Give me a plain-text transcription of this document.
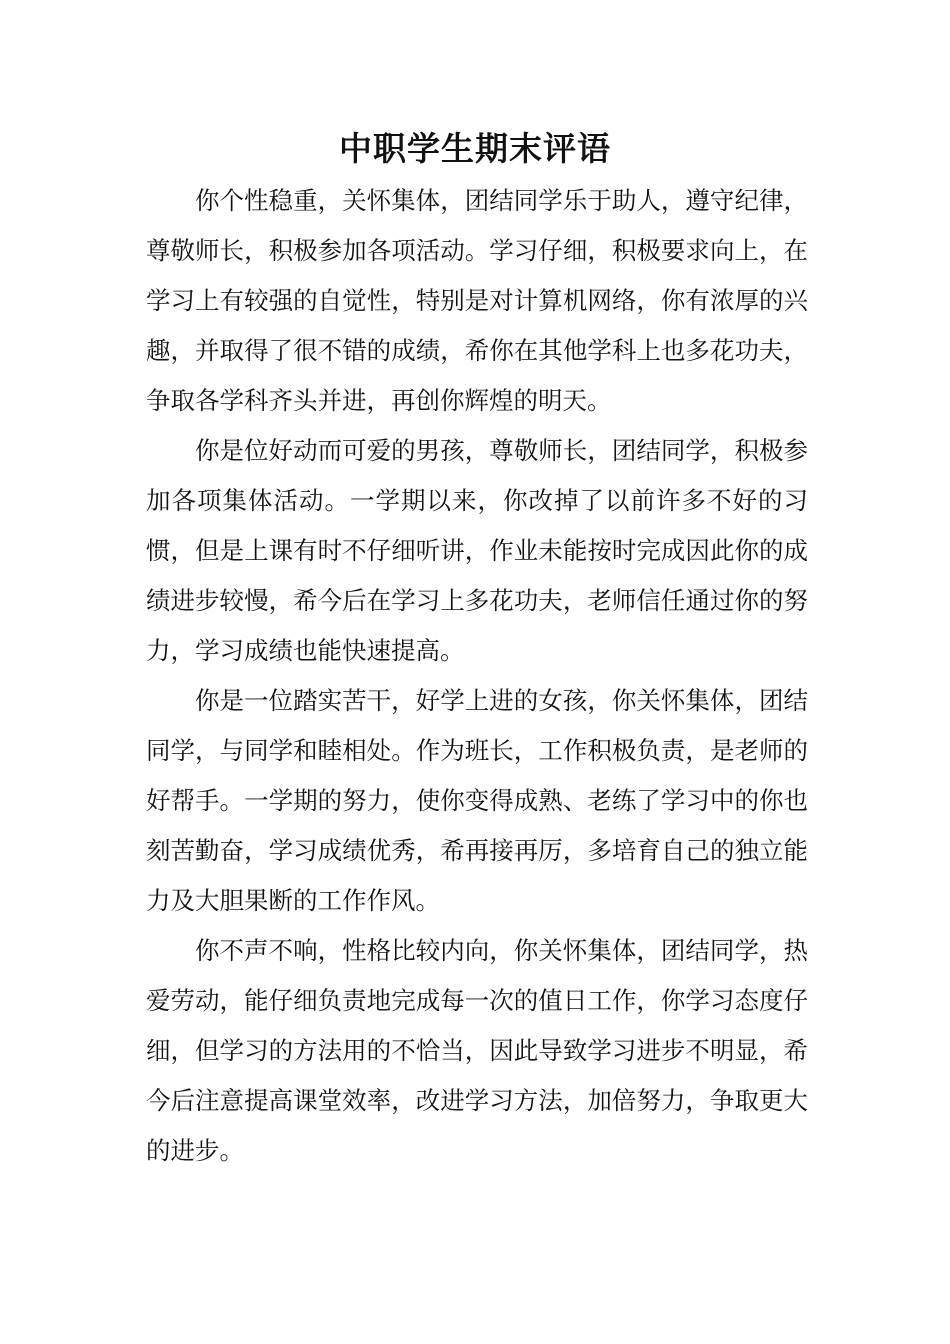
中职学生期末评语

你个性稳重，关怀集体，团结同学乐于助人，遵守纪律，尊敬师长，积极参加各项活动。学习仔细，积极要求向上，在学习上有较强的自觉性，特别是对计算机网络，你有浓厚的兴趣，并取得了很不错的成绩，希你在其他学科上也多花功夫，争取各学科齐头并进，再创你辉煌的明天。

你是位好动而可爱的男孩，尊敬师长，团结同学，积极参加各项集体活动。一学期以来，你改掉了以前许多不好的习惯，但是上课有时不仔细听讲，作业未能按时完成因此你的成绩进步较慢，希今后在学习上多花功夫，老师信任通过你的努力，学习成绩也能快速提高。

你是一位踏实苦干，好学上进的女孩，你关怀集体，团结同学，与同学和睦相处。作为班长，工作积极负责，是老师的好帮手。一学期的努力，使你变得成熟、老练了学习中的你也刻苦勤奋，学习成绩优秀，希再接再厉，多培育自己的独立能力及大胆果断的工作作风。

你不声不响，性格比较内向，你关怀集体，团结同学，热爱劳动，能仔细负责地完成每一次的值日工作，你学习态度仔细，但学习的方法用的不恰当，因此导致学习进步不明显，希今后注意提高课堂效率，改进学习方法，加倍努力，争取更大的进步。
